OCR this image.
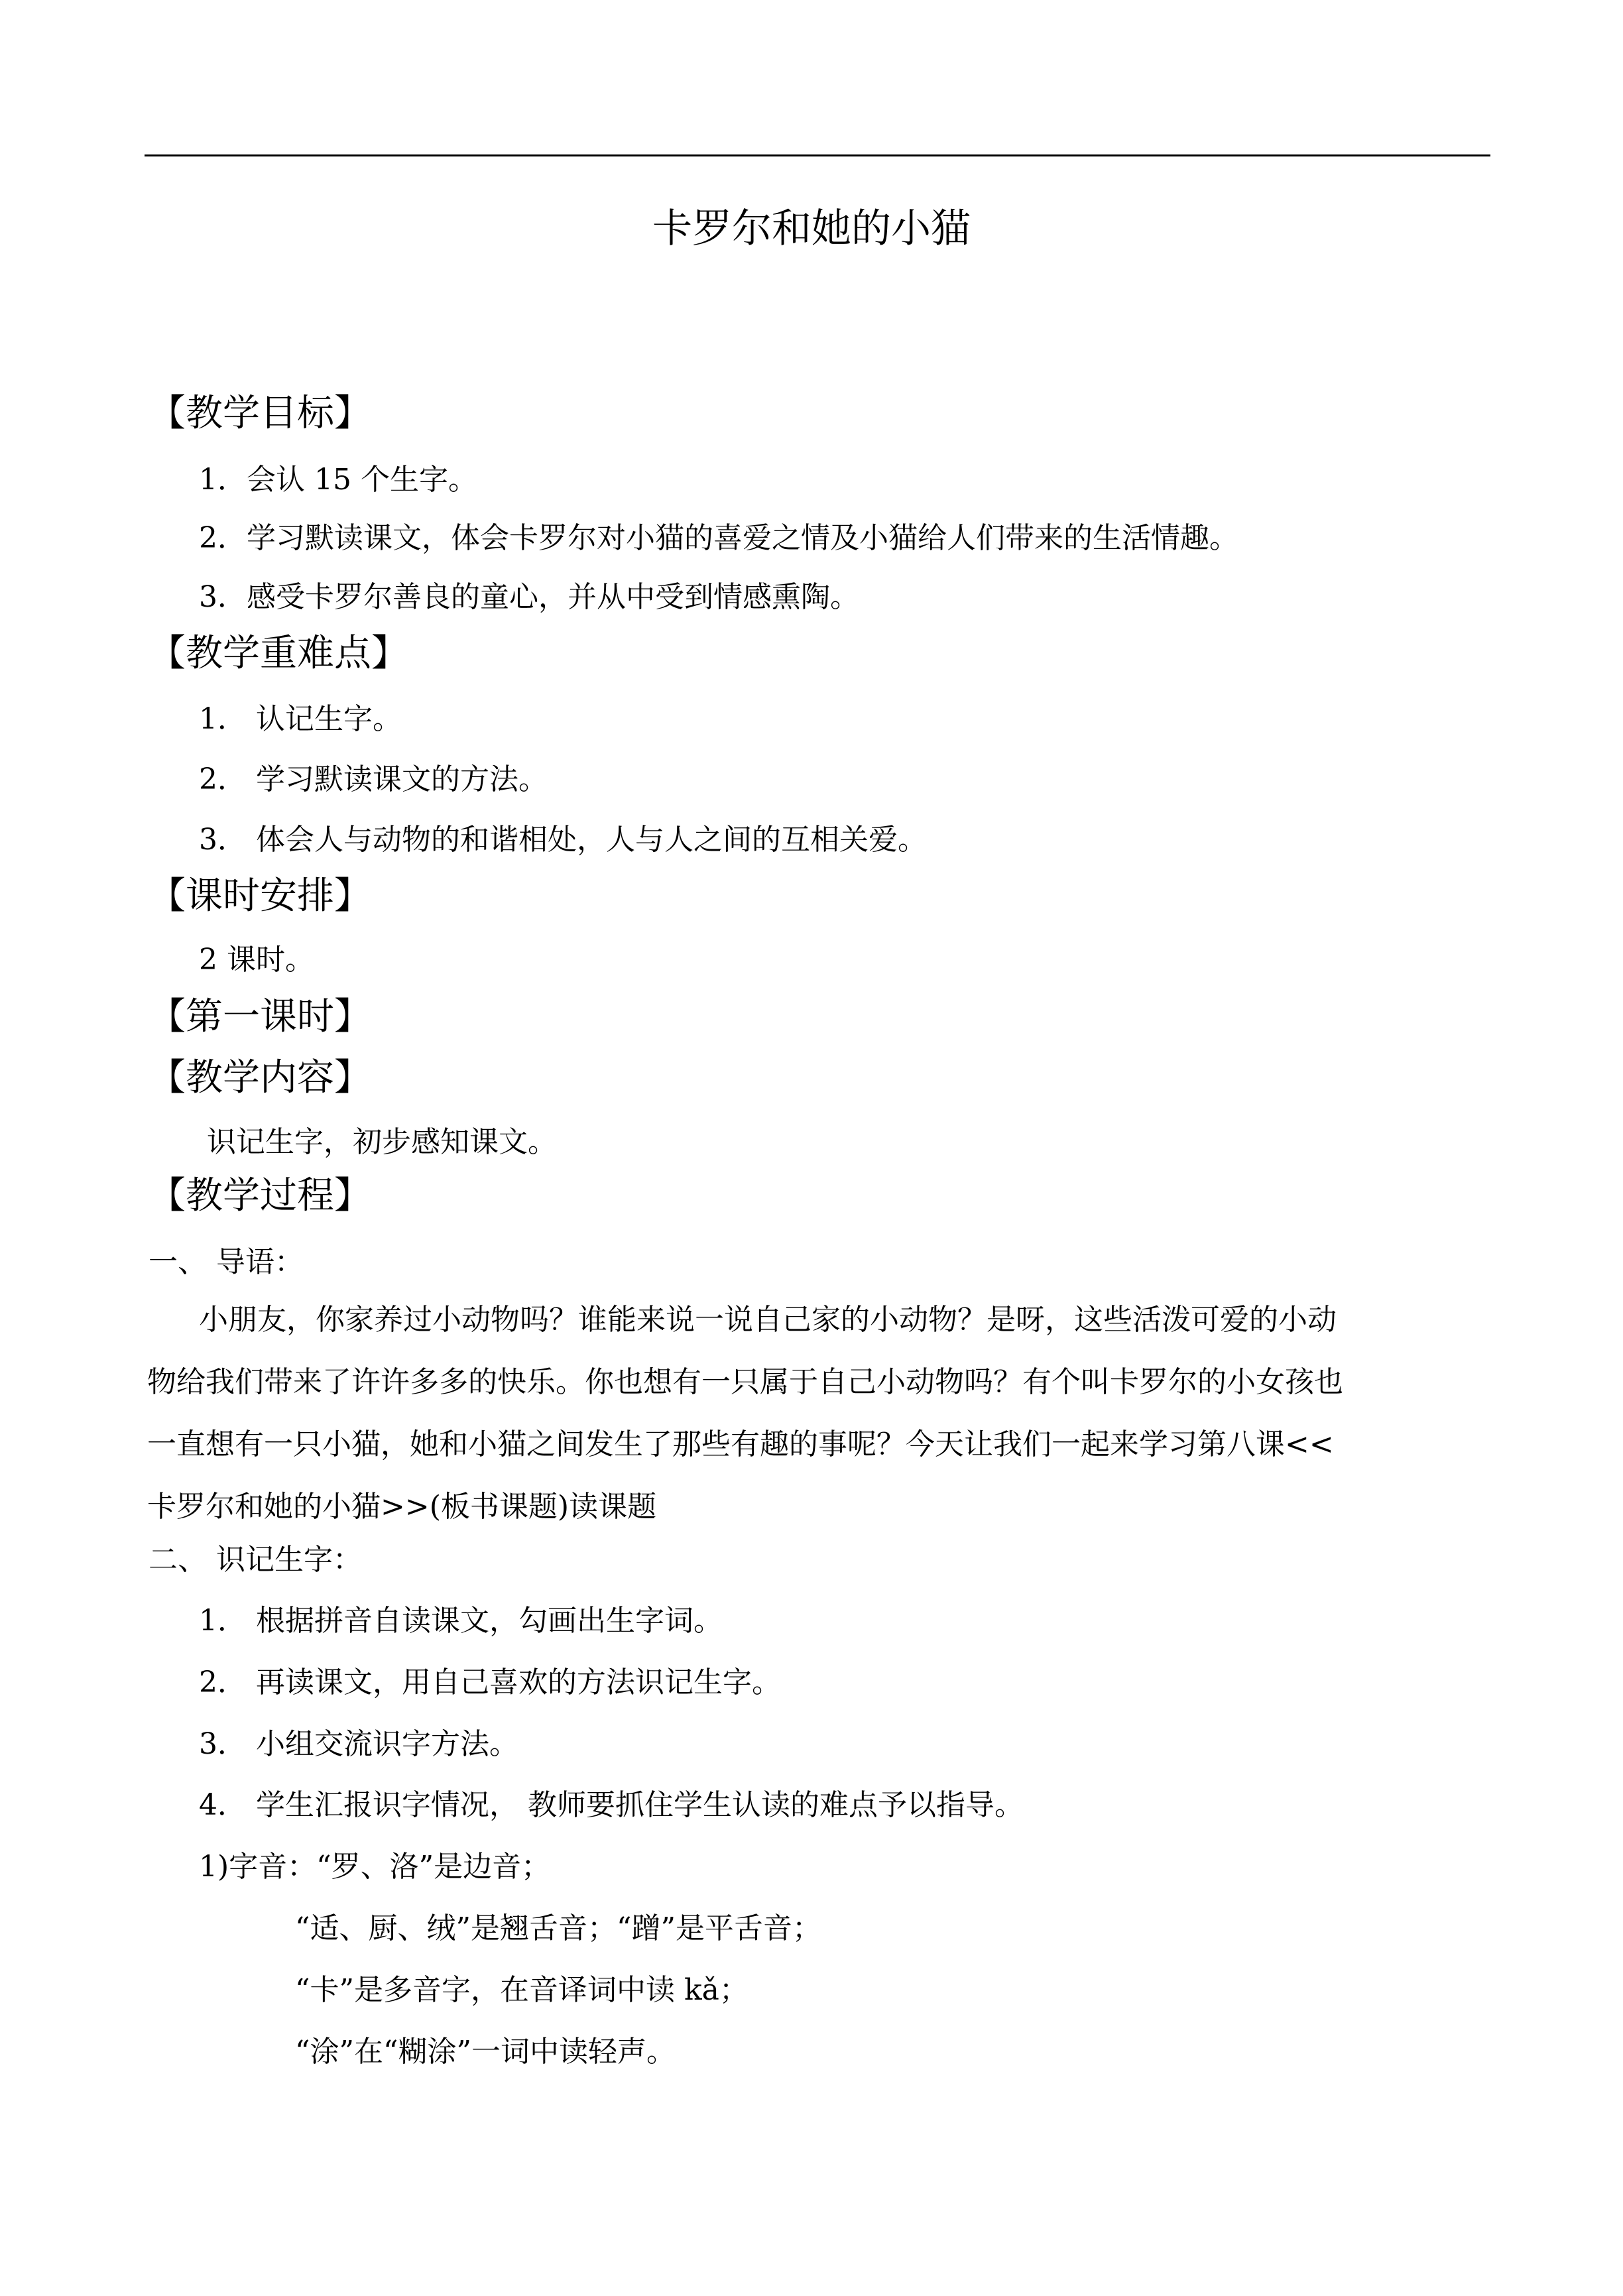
卡罗尔和她的小猫
【教学目标】
1．会认 15 个生字。
2．学习默读课文，体会卡罗尔对小猫的喜爱之情及小猫给人们带来的生活情趣。
3．感受卡罗尔善良的童心，并从中受到情感熏陶。
【教学重难点】
1． 认记生字。
2． 学习默读课文的方法。
3． 体会人与动物的和谐相处，人与人之间的互相关爱。
【课时安排】
2 课时。
【第一课时】
【教学内容】
识记生字，初步感知课文。
【教学过程】
一、 导语：
小朋友，你家养过小动物吗？谁能来说一说自己家的小动物？是呀，这些活泼可爱的小动
物给我们带来了许许多多的快乐。你也想有一只属于自己小动物吗？有个叫卡罗尔的小女孩也
一直想有一只小猫，她和小猫之间发生了那些有趣的事呢？今天让我们一起来学习第八课<<
卡罗尔和她的小猫>>(板书课题)读课题
二、 识记生字：
1． 根据拼音自读课文，勾画出生字词。
2． 再读课文，用自己喜欢的方法识记生字。
3． 小组交流识字方法。
4． 学生汇报识字情况， 教师要抓住学生认读的难点予以指导。
1)字音：“罗、洛”是边音；
“适、厨、绒”是翘舌音；“蹭”是平舌音；
“卡”是多音字，在音译词中读 kǎ；
“涂”在“糊涂”一词中读轻声。
